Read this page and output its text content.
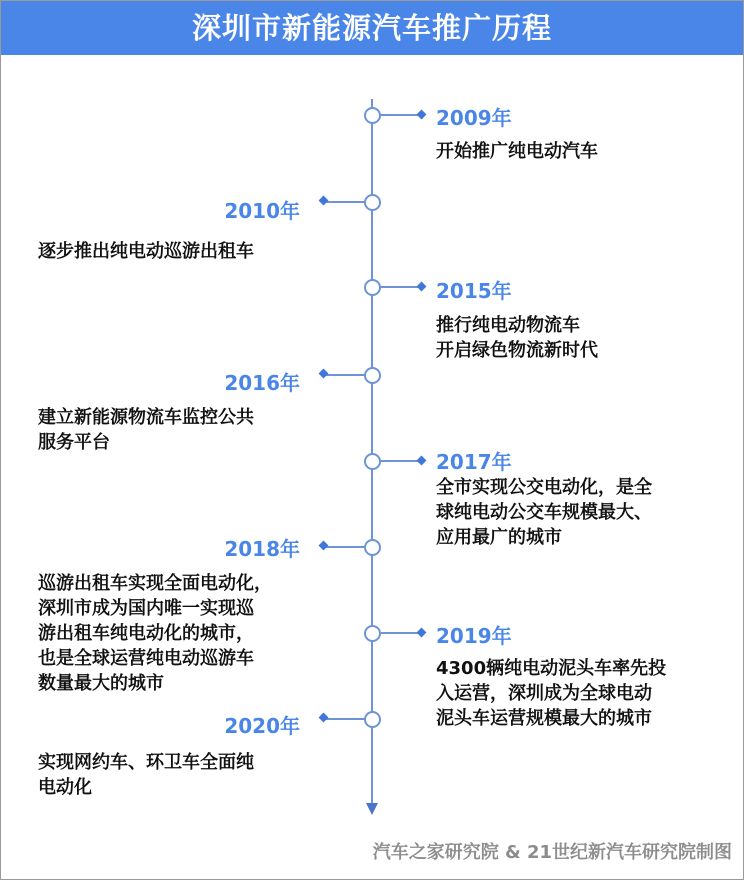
深圳市新能源汽车推广历程
2009年
开始推广纯电动汽车
2010年
逐步推出纯电动巡游出租车
2015年
推行纯电动物流车
开启绿色物流新时代
2016年
建立新能源物流车监控公共
服务平台
2017年
全市实现公交电动化，是全
球纯电动公交车规模最大、
应用最广的城市
2018年
巡游出租车实现全面电动化，
深圳市成为国内唯一实现巡
游出租车纯电动化的城市，
也是全球运营纯电动巡游车
数量最大的城市
2019年
4300辆纯电动泥头车率先投
入运营，深圳成为全球电动
泥头车运营规模最大的城市
2020年
实现网约车、环卫车全面纯
电动化
汽车之家研究院 & 21世纪新汽车研究院制图
